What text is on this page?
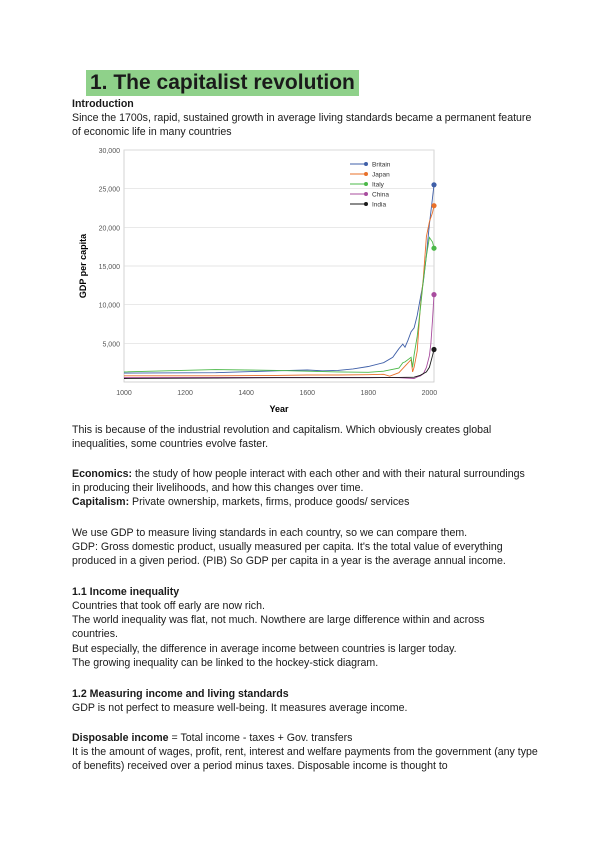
1. The capitalist revolution

Introduction

Since the 1700s, rapid, sustained growth in average living standards became a permanent feature of economic life in many countries

5,000
10,000
15,000
20,000
25,000
30,000
1000	1200	1400	1600	1800	2000
Britain
Japan
Italy
China
India
Year
GDP per capita

This is because of the industrial revolution and capitalism. Which obviously creates global inequalities, some countries evolve faster.

Economics: the study of how people interact with each other and with their natural surroundings in producing their livelihoods, and how this changes over time.

Capitalism: Private ownership, markets, firms, produce goods/ services

We use GDP to measure living standards in each country, so we can compare them.

GDP: Gross domestic product, usually measured per capita. It's the total value of everything produced in a given period. (PIB) So GDP per capita in a year is the average annual income.

1.1 Income inequality

Countries that took off early are now rich.

The world inequality was flat, not much. Nowthere are large difference within and across countries.

But especially, the difference in average income between countries is larger today.

The growing inequality can be linked to the hockey-stick diagram.

1.2 Measuring income and living standards

GDP is not perfect to measure well-being. It measures average income.

Disposable income = Total income - taxes + Gov. transfers

It is the amount of wages, profit, rent, interest and welfare payments from the government (any type of benefits) received over a period minus taxes. Disposable income is thought to
